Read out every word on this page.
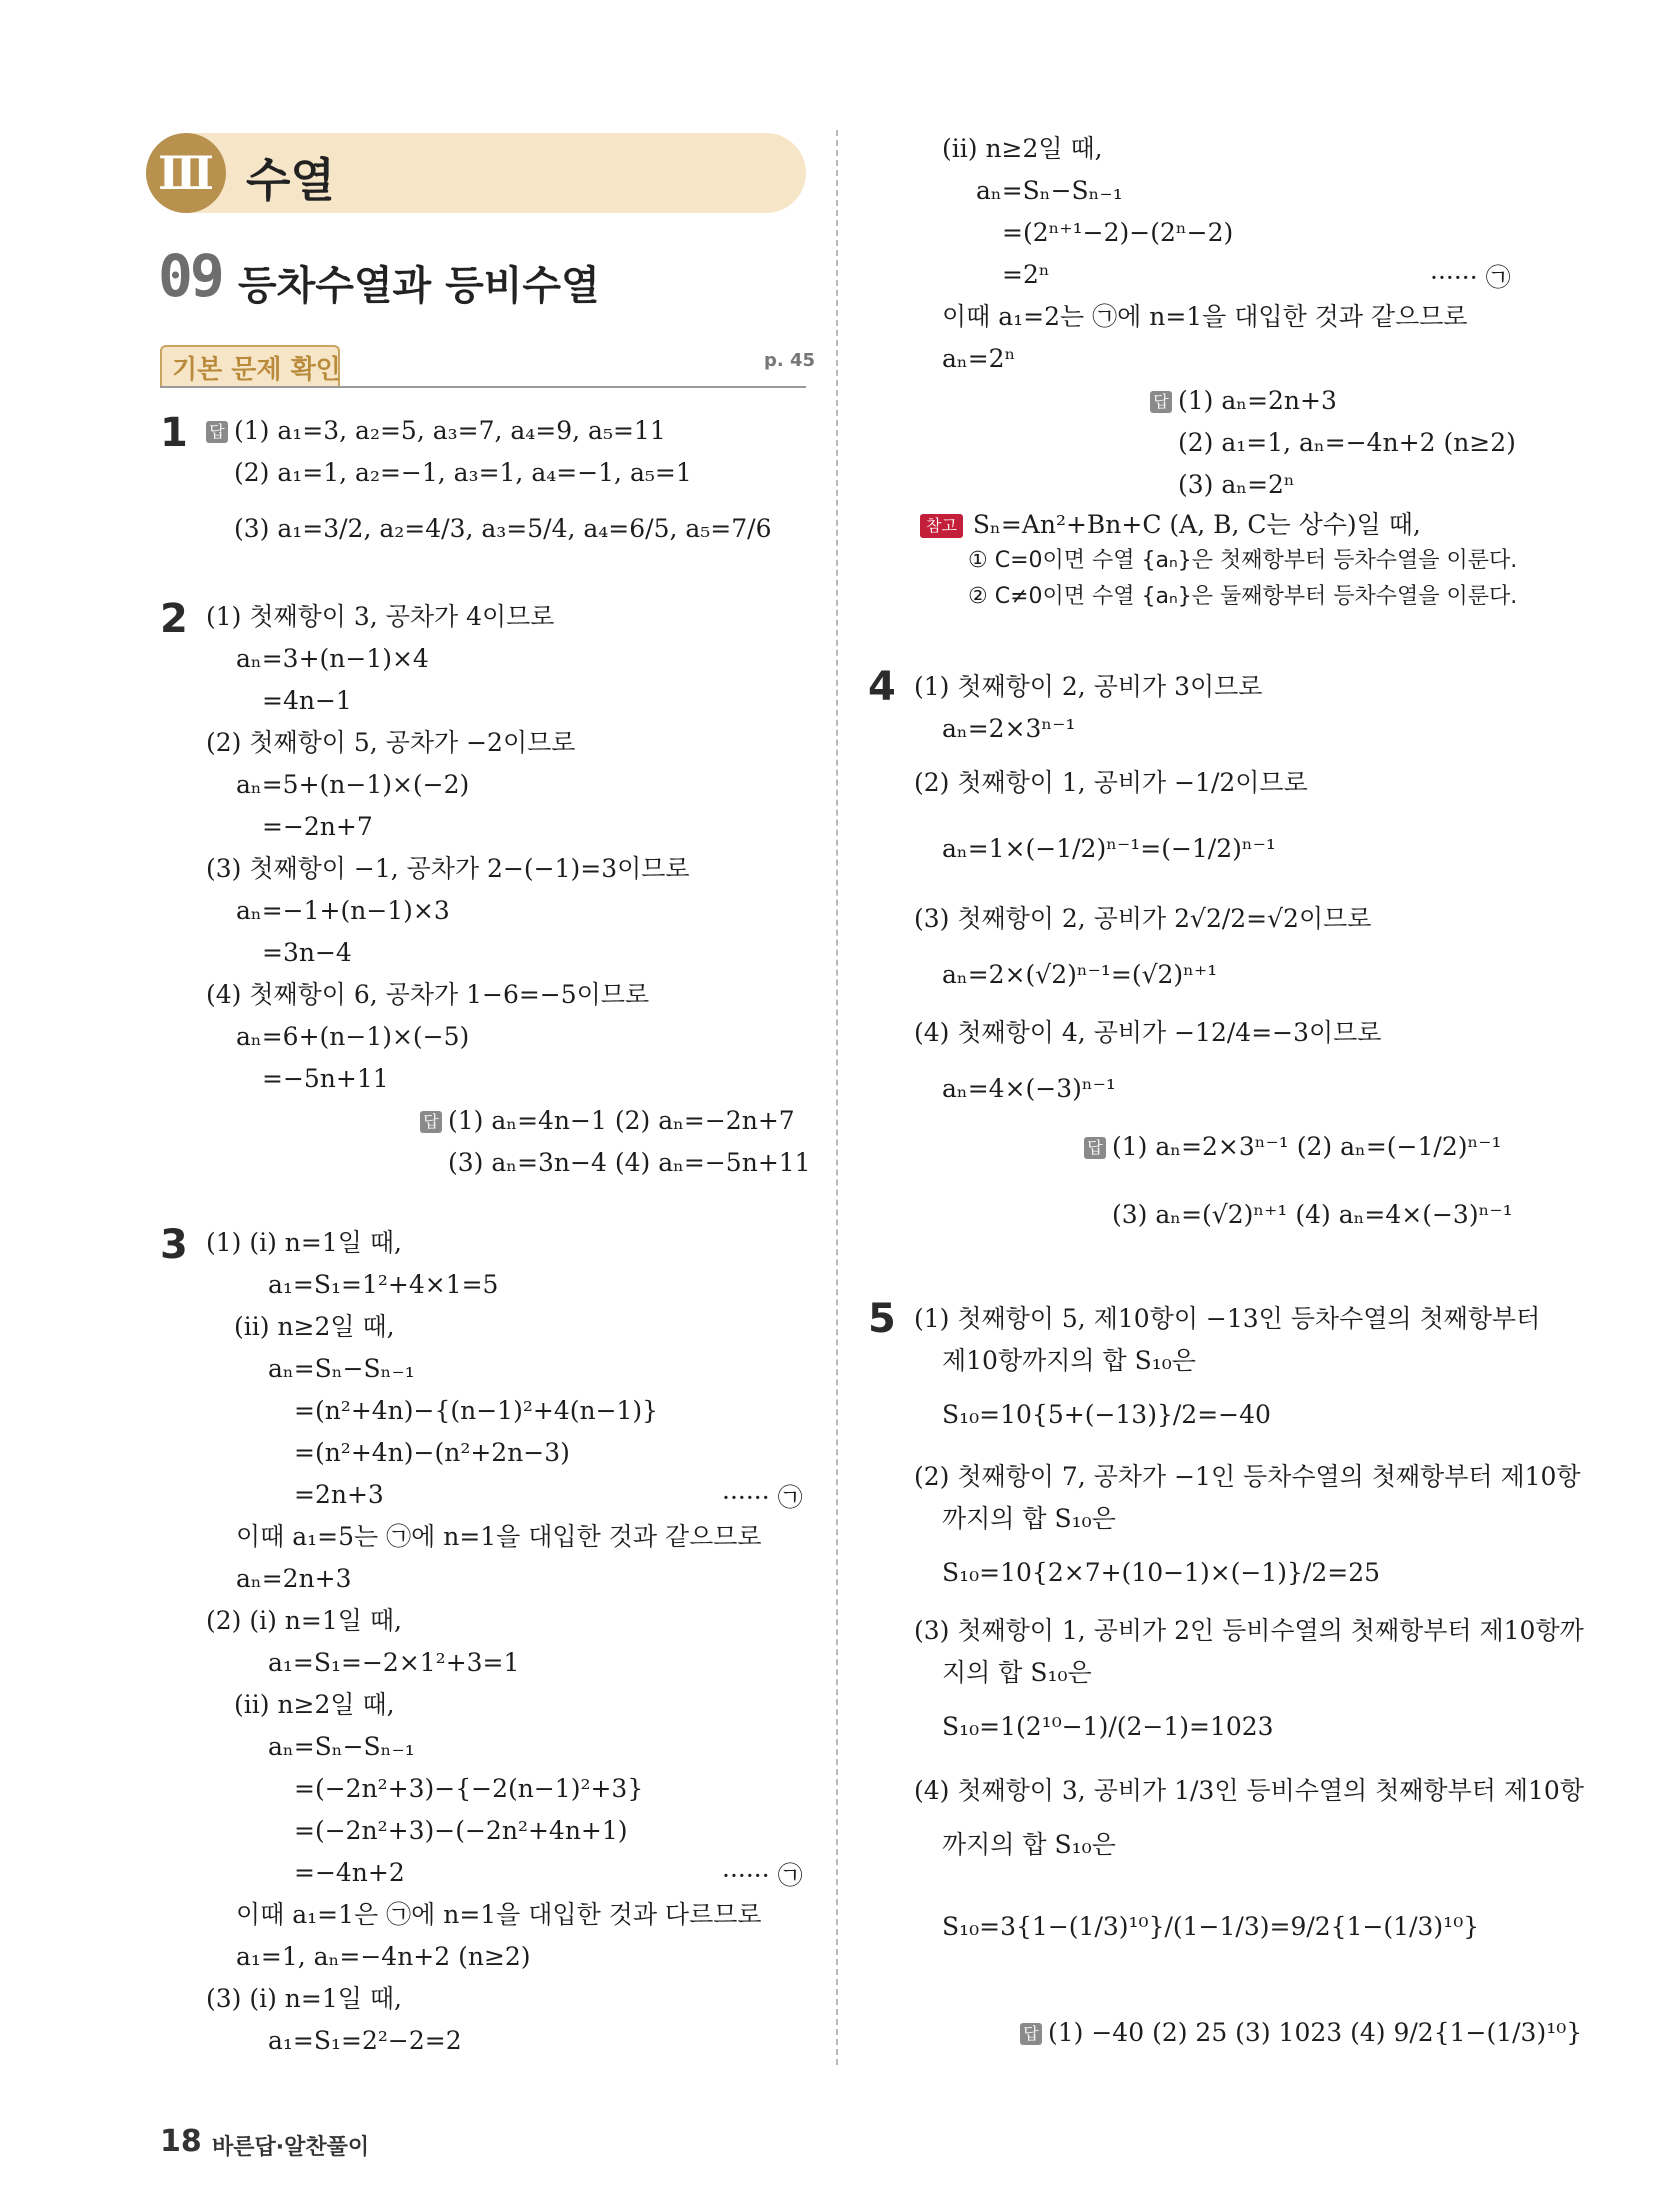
Ⅲ 수열
09 등차수열과 등비수열
기본 문제 확인	p. 45
1
2
3
4
5
답 (1) a₁=3, a₂=5, a₃=7, a₄=9, a₅=11
(2) a₁=1, a₂=−1, a₃=1, a₄=−1, a₅=1
(3) a₁=3/2, a₂=4/3, a₃=5/4, a₄=6/5, a₅=7/6
(1) 첫째항이 3, 공차가 4이므로
aₙ=3+(n−1)×4
=4n−1
(2) 첫째항이 5, 공차가 −2이므로
aₙ=5+(n−1)×(−2)
=−2n+7
(3) 첫째항이 −1, 공차가 2−(−1)=3이므로
aₙ=−1+(n−1)×3
=3n−4
(4) 첫째항이 6, 공차가 1−6=−5이므로
aₙ=6+(n−1)×(−5)
=−5n+11
답 (1) aₙ=4n−1 (2) aₙ=−2n+7
(3) aₙ=3n−4 (4) aₙ=−5n+11
(1) (i) n=1일 때,
a₁=S₁=1²+4×1=5
(ii) n≥2일 때,
aₙ=Sₙ−Sₙ₋₁
=(n²+4n)−{(n−1)²+4(n−1)}
=(n²+4n)−(n²+2n−3)
=2n+3	······ ㉠
이때 a₁=5는 ㉠에 n=1을 대입한 것과 같으므로
aₙ=2n+3
(2) (i) n=1일 때,
a₁=S₁=−2×1²+3=1
(ii) n≥2일 때,
aₙ=Sₙ−Sₙ₋₁
=(−2n²+3)−{−2(n−1)²+3}
=(−2n²+3)−(−2n²+4n+1)
=−4n+2	······ ㉠
이때 a₁=1은 ㉠에 n=1을 대입한 것과 다르므로
a₁=1, aₙ=−4n+2 (n≥2)
(3) (i) n=1일 때,
a₁=S₁=2²−2=2
(ii) n≥2일 때,
aₙ=Sₙ−Sₙ₋₁
=(2ⁿ⁺¹−2)−(2ⁿ−2)
=2ⁿ	······ ㉠
이때 a₁=2는 ㉠에 n=1을 대입한 것과 같으므로
aₙ=2ⁿ
답 (1) aₙ=2n+3
(2) a₁=1, aₙ=−4n+2 (n≥2)
(3) aₙ=2ⁿ
참고 Sₙ=An²+Bn+C (A, B, C는 상수)일 때,
① C=0이면 수열 {aₙ}은 첫째항부터 등차수열을 이룬다.
② C≠0이면 수열 {aₙ}은 둘째항부터 등차수열을 이룬다.
(1) 첫째항이 2, 공비가 3이므로
aₙ=2×3ⁿ⁻¹
(2) 첫째항이 1, 공비가 −1/2이므로
aₙ=1×(−1/2)ⁿ⁻¹=(−1/2)ⁿ⁻¹
(3) 첫째항이 2, 공비가 2√2/2=√2이므로
aₙ=2×(√2)ⁿ⁻¹=(√2)ⁿ⁺¹
(4) 첫째항이 4, 공비가 −12/4=−3이므로
aₙ=4×(−3)ⁿ⁻¹
답 (1) aₙ=2×3ⁿ⁻¹ (2) aₙ=(−1/2)ⁿ⁻¹
(3) aₙ=(√2)ⁿ⁺¹ (4) aₙ=4×(−3)ⁿ⁻¹
(1) 첫째항이 5, 제10항이 −13인 등차수열의 첫째항부터
제10항까지의 합 S₁₀은
S₁₀=10{5+(−13)}/2=−40
(2) 첫째항이 7, 공차가 −1인 등차수열의 첫째항부터 제10항
까지의 합 S₁₀은
S₁₀=10{2×7+(10−1)×(−1)}/2=25
(3) 첫째항이 1, 공비가 2인 등비수열의 첫째항부터 제10항까
지의 합 S₁₀은
S₁₀=1(2¹⁰−1)/(2−1)=1023
(4) 첫째항이 3, 공비가 1/3인 등비수열의 첫째항부터 제10항
까지의 합 S₁₀은
S₁₀=3{1−(1/3)¹⁰}/(1−1/3)=9/2{1−(1/3)¹⁰}
답 (1) −40 (2) 25 (3) 1023 (4) 9/2{1−(1/3)¹⁰}
18 바른답·알찬풀이
